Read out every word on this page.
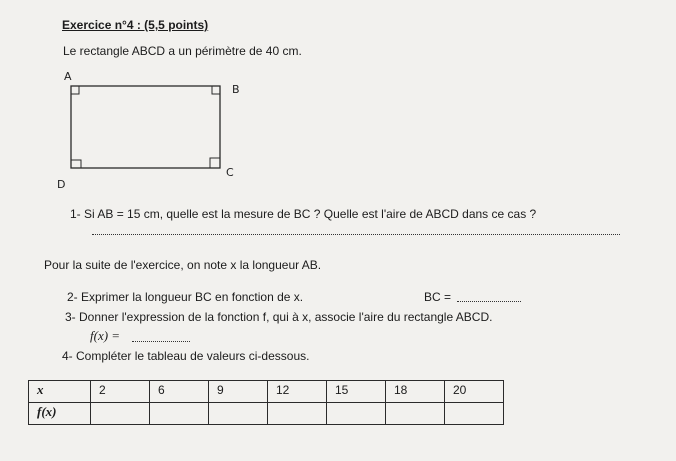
Exercice n°4 : (5,5 points)
Le rectangle ABCD a un périmètre de 40 cm.
A
B
C
D
1- Si AB = 15 cm, quelle est la mesure de BC ? Quelle est l'aire de ABCD dans ce cas ?
Pour la suite de l'exercice, on note x la longueur AB.
2- Exprimer la longueur BC en fonction de x.	BC =
3- Donner l'expression de la fonction f, qui à x, associe l'aire du rectangle ABCD.
f(x) =
4- Compléter le tableau de valeurs ci-dessous.
x	2	6	9	12	15	18	20
f(x)							
